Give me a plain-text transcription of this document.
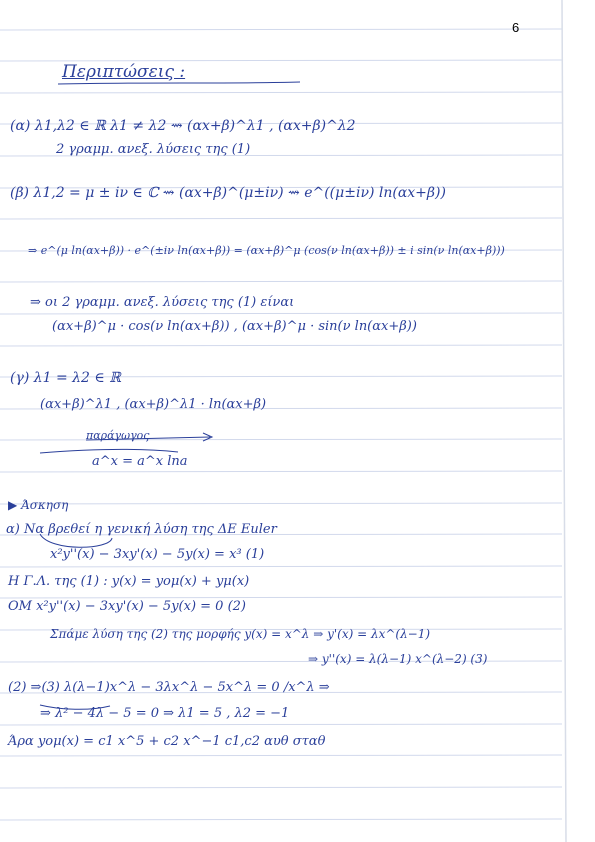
6
Περιπτώσεις :
(α) λ1,λ2 ∈ ℝ λ1 ≠ λ2 ⇝ (αx+β)^λ1 , (αx+β)^λ2
2 γραμμ. ανεξ. λύσεις της (1)
(β) λ1,2 = μ ± iν ∈ ℂ ⇝ (αx+β)^(μ±iν) ⇝ e^((μ±iν) ln(αx+β))
⇒ e^(μ ln(αx+β)) · e^(±iν ln(αx+β)) = (αx+β)^μ (cos(ν ln(αx+β)) ± i sin(ν ln(αx+β)))
⇒ οι 2 γραμμ. ανεξ. λύσεις της (1) είναι
(αx+β)^μ · cos(ν ln(αx+β)) , (αx+β)^μ · sin(ν ln(αx+β))
(γ) λ1 = λ2 ∈ ℝ
(αx+β)^λ1 , (αx+β)^λ1 · ln(αx+β)
παράγωγος
a^x = a^x lna
▶ Άσκηση
α) Να βρεθεί η γενική λύση της ΔΕ Euler
x²y''(x) − 3xy'(x) − 5y(x) = x³ (1)
Η Γ.Λ. της (1) : y(x) = yομ(x) + yμ(x)
ΟΜ x²y''(x) − 3xy'(x) − 5y(x) = 0 (2)
Σπάμε λύση της (2) της μορφής y(x) = x^λ ⇒ y'(x) = λx^(λ−1)
⇒ y''(x) = λ(λ−1) x^(λ−2) (3)
(2) ⇒(3) λ(λ−1)x^λ − 3λx^λ − 5x^λ = 0 /x^λ ⇒
⇒ λ² − 4λ − 5 = 0 ⇒ λ1 = 5 , λ2 = −1
Άρα yομ(x) = c1 x^5 + c2 x^−1 c1,c2 αυθ σταθ
